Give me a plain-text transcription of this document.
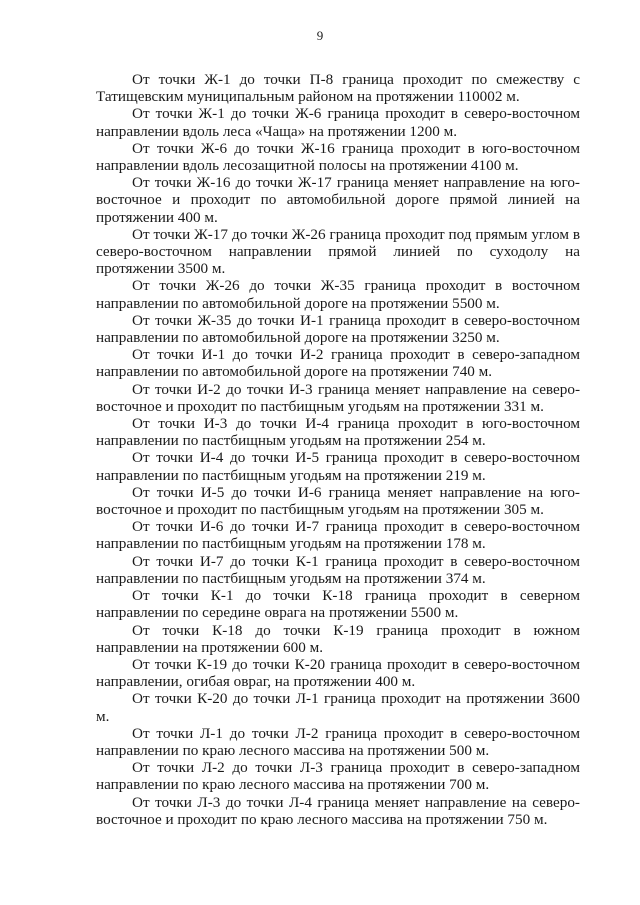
9

От точки Ж-1 до точки П-8 граница проходит по смежеству с Татищевским муниципальным районом на протяжении 110002 м.

От точки Ж-1 до точки Ж-6 граница проходит в северо-восточном направлении вдоль леса «Чаща» на протяжении 1200 м.

От точки Ж-6 до точки Ж-16 граница проходит в юго-восточном направлении вдоль лесозащитной полосы на протяжении 4100 м.

От точки Ж-16 до точки Ж-17 граница меняет направление на юго-восточное и проходит по автомобильной дороге прямой линией на протяжении 400 м.

От точки Ж-17 до точки Ж-26 граница проходит под прямым углом в северо-восточном направлении прямой линией по суходолу на протяжении 3500 м.

От точки Ж-26 до точки Ж-35 граница проходит в восточном направлении по автомобильной дороге на протяжении 5500 м.

От точки Ж-35 до точки И-1 граница проходит в северо-восточном направлении по автомобильной дороге на протяжении 3250 м.

От точки И-1 до точки И-2 граница проходит в северо-западном направлении по автомобильной дороге на протяжении 740 м.

От точки И-2 до точки И-3 граница меняет направление на северо-восточное и проходит по пастбищным угодьям на протяжении 331 м.

От точки И-3 до точки И-4 граница проходит в юго-восточном направлении по пастбищным угодьям на протяжении 254 м.

От точки И-4 до точки И-5 граница проходит в северо-восточном направлении по пастбищным угодьям на протяжении 219 м.

От точки И-5 до точки И-6 граница меняет направление на юго-восточное и проходит по пастбищным угодьям на протяжении 305 м.

От точки И-6 до точки И-7 граница проходит в северо-восточном направлении по пастбищным угодьям на протяжении 178 м.

От точки И-7 до точки К-1 граница проходит в северо-восточном направлении по пастбищным угодьям на протяжении 374 м.

От точки К-1 до точки К-18 граница проходит в северном направлении по середине оврага на протяжении 5500 м.

От точки К-18 до точки К-19 граница проходит в южном направлении на протяжении 600 м.

От точки К-19 до точки К-20 граница проходит в северо-восточном направлении, огибая овраг, на протяжении 400 м.

От точки К-20 до точки Л-1 граница проходит на протяжении 3600 м.

От точки Л-1 до точки Л-2 граница проходит в северо-восточном направлении по краю лесного массива на протяжении 500 м.

От точки Л-2 до точки Л-3 граница проходит в северо-западном направлении по краю лесного массива на протяжении 700 м.

От точки Л-3 до точки Л-4 граница меняет направление на северо-восточное и проходит по краю лесного массива на протяжении 750 м.
